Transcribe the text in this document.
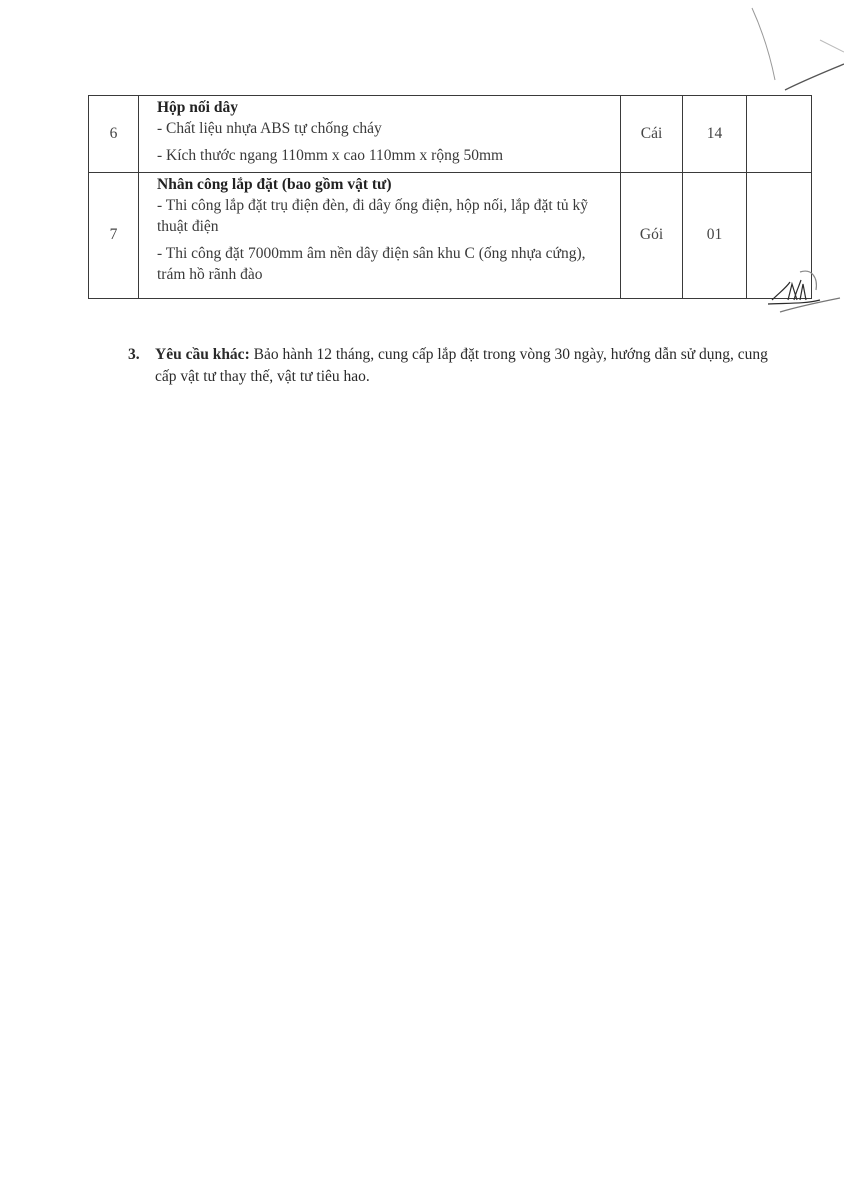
6	Hộp nối dây
- Chất liệu nhựa ABS tự chống cháy
- Kích thước ngang 110mm x cao 110mm x rộng 50mm	Cái	14	
7	Nhân công lắp đặt (bao gồm vật tư)
- Thi công lắp đặt trụ điện đèn, đi dây ống điện, hộp nối, lắp đặt tủ kỹ thuật điện
- Thi công đặt 7000mm âm nền dây điện sân khu C (ống nhựa cứng), trám hồ rãnh đào	Gói	01	
3. Yêu cầu khác: Bảo hành 12 tháng, cung cấp lắp đặt trong vòng 30 ngày, hướng dẫn sử dụng, cung cấp vật tư thay thế, vật tư tiêu hao.
